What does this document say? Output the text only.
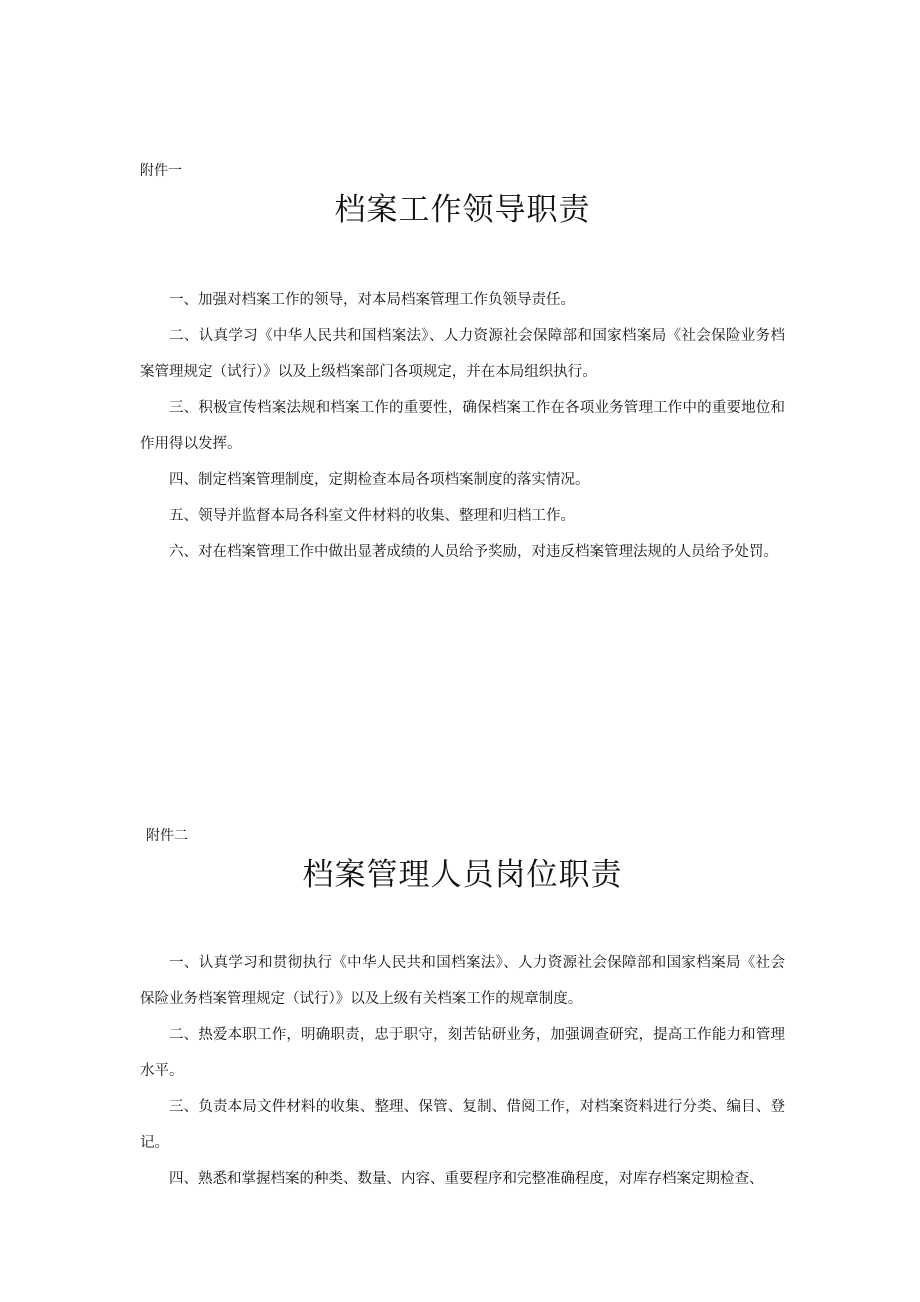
附件一

档案工作领导职责

一、加强对档案工作的领导，对本局档案管理工作负领导责任。

二、认真学习《中华人民共和国档案法》、人力资源社会保障部和国家档案局《社会保险业务档案管理规定（试行）》以及上级档案部门各项规定，并在本局组织执行。

三、积极宣传档案法规和档案工作的重要性，确保档案工作在各项业务管理工作中的重要地位和作用得以发挥。

四、制定档案管理制度，定期检查本局各项档案制度的落实情况。

五、领导并监督本局各科室文件材料的收集、整理和归档工作。

六、对在档案管理工作中做出显著成绩的人员给予奖励，对违反档案管理法规的人员给予处罚。

附件二

档案管理人员岗位职责

一、认真学习和贯彻执行《中华人民共和国档案法》、人力资源社会保障部和国家档案局《社会保险业务档案管理规定（试行）》以及上级有关档案工作的规章制度。

二、热爱本职工作，明确职责，忠于职守，刻苦钻研业务，加强调查研究，提高工作能力和管理水平。

三、负责本局文件材料的收集、整理、保管、复制、借阅工作，对档案资料进行分类、编目、登记。

四、熟悉和掌握档案的种类、数量、内容、重要程序和完整准确程度，对库存档案定期检查、
